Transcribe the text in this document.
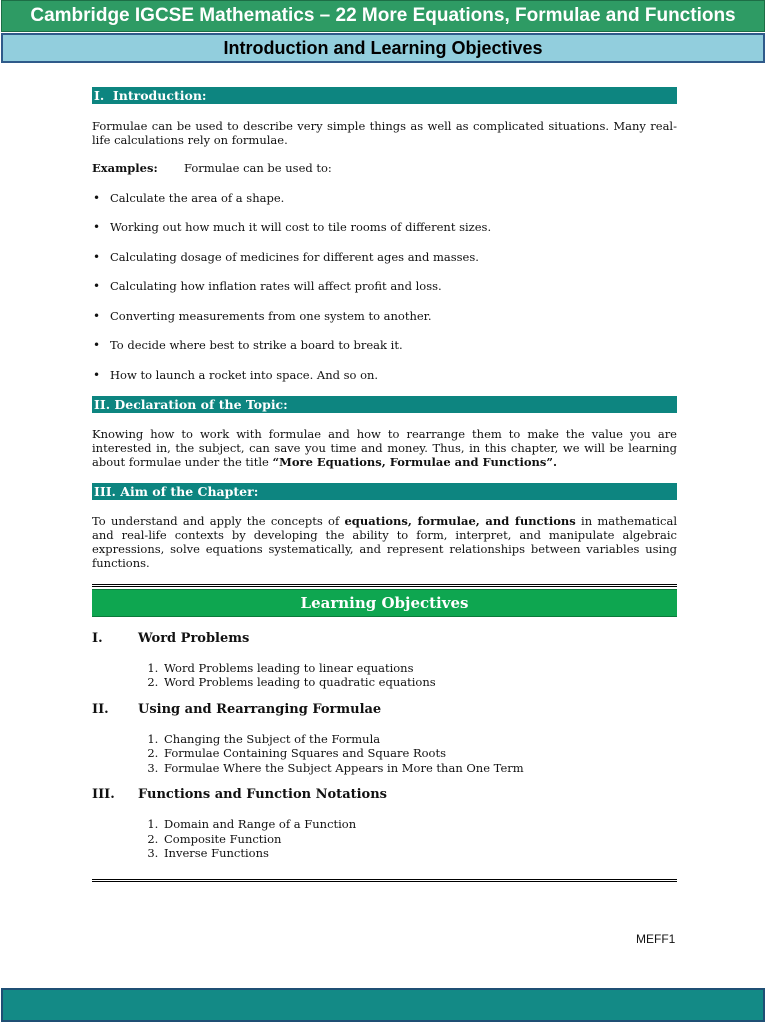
Cambridge IGCSE Mathematics – 22 More Equations, Formulae and Functions
Introduction and Learning Objectives
I.  Introduction:

Formulae can be used to describe very simple things as well as complicated situations. Many real-life calculations rely on formulae.

Examples: Formulae can be used to:
• Calculate the area of a shape.
• Working out how much it will cost to tile rooms of different sizes.
• Calculating dosage of medicines for different ages and masses.
• Calculating how inflation rates will affect profit and loss.
• Converting measurements from one system to another.
• To decide where best to strike a board to break it.
• How to launch a rocket into space. And so on.
II. Declaration of the Topic:

Knowing how to work with formulae and how to rearrange them to make the value you are interested in, the subject, can save you time and money. Thus, in this chapter, we will be learning about formulae under the title “More Equations, Formulae and Functions”.

III. Aim of the Chapter:

To understand and apply the concepts of equations, formulae, and functions in mathematical and real-life contexts by developing the ability to form, interpret, and manipulate algebraic expressions, solve equations systematically, and represent relationships between variables using functions.

Learning Objectives
I.	Word Problems
1. Word Problems leading to linear equations
2. Word Problems leading to quadratic equations
II.	Using and Rearranging Formulae
1. Changing the Subject of the Formula
2. Formulae Containing Squares and Square Roots
3. Formulae Where the Subject Appears in More than One Term
III.	Functions and Function Notations
1. Domain and Range of a Function
2. Composite Function
3. Inverse Functions
MEFF1
